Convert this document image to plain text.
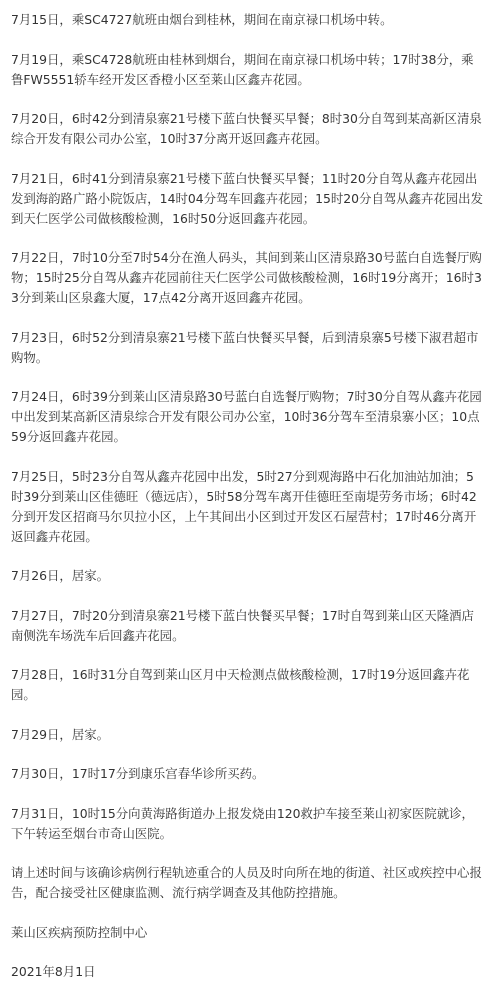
7月15日，乘SC4727航班由烟台到桂林，期间在南京禄口机场中转。

7月19日，乘SC4728航班由桂林到烟台，期间在南京禄口机场中转；17时38分，乘鲁FW5551轿车经开发区香橙小区至莱山区鑫卉花园。

7月20日，6时42分到清泉寨21号楼下蓝白快餐买早餐；8时30分自驾到某高新区清泉综合开发有限公司办公室，10时37分离开返回鑫卉花园。

7月21日，6时41分到清泉寨21号楼下蓝白快餐买早餐；11时20分自驾从鑫卉花园出发到海韵路广路小院饭店，14时04分驾车回鑫卉花园；15时20分自驾从鑫卉花园出发到天仁医学公司做核酸检测，16时50分返回鑫卉花园。

7月22日，7时10分至7时54分在渔人码头，其间到莱山区清泉路30号蓝白自选餐厅购物；15时25分自驾从鑫卉花园前往天仁医学公司做核酸检测，16时19分离开；16时33分到莱山区泉鑫大厦，17点42分离开返回鑫卉花园。

7月23日，6时52分到清泉寨21号楼下蓝白快餐买早餐，后到清泉寨5号楼下淑君超市购物。

7月24日，6时39分到莱山区清泉路30号蓝白自选餐厅购物；7时30分自驾从鑫卉花园中出发到某高新区清泉综合开发有限公司办公室，10时36分驾车至清泉寨小区；10点59分返回鑫卉花园。

7月25日，5时23分自驾从鑫卉花园中出发，5时27分到观海路中石化加油站加油；5时39分到莱山区佳德旺（德远店），5时58分驾车离开佳德旺至南堤劳务市场；6时42分到开发区招商马尔贝拉小区，上午其间出小区到过开发区石屋营村；17时46分离开返回鑫卉花园。

7月26日，居家。

7月27日，7时20分到清泉寨21号楼下蓝白快餐买早餐；17时自驾到莱山区天隆酒店南侧洗车场洗车后回鑫卉花园。

7月28日，16时31分自驾到莱山区月中天检测点做核酸检测，17时19分返回鑫卉花园。

7月29日，居家。

7月30日，17时17分到康乐宫春华诊所买药。

7月31日，10时15分向黄海路街道办上报发烧由120救护车接至莱山初家医院就诊，下午转运至烟台市奇山医院。

请上述时间与该确诊病例行程轨迹重合的人员及时向所在地的街道、社区或疾控中心报告，配合接受社区健康监测、流行病学调查及其他防控措施。

莱山区疾病预防控制中心

2021年8月1日
